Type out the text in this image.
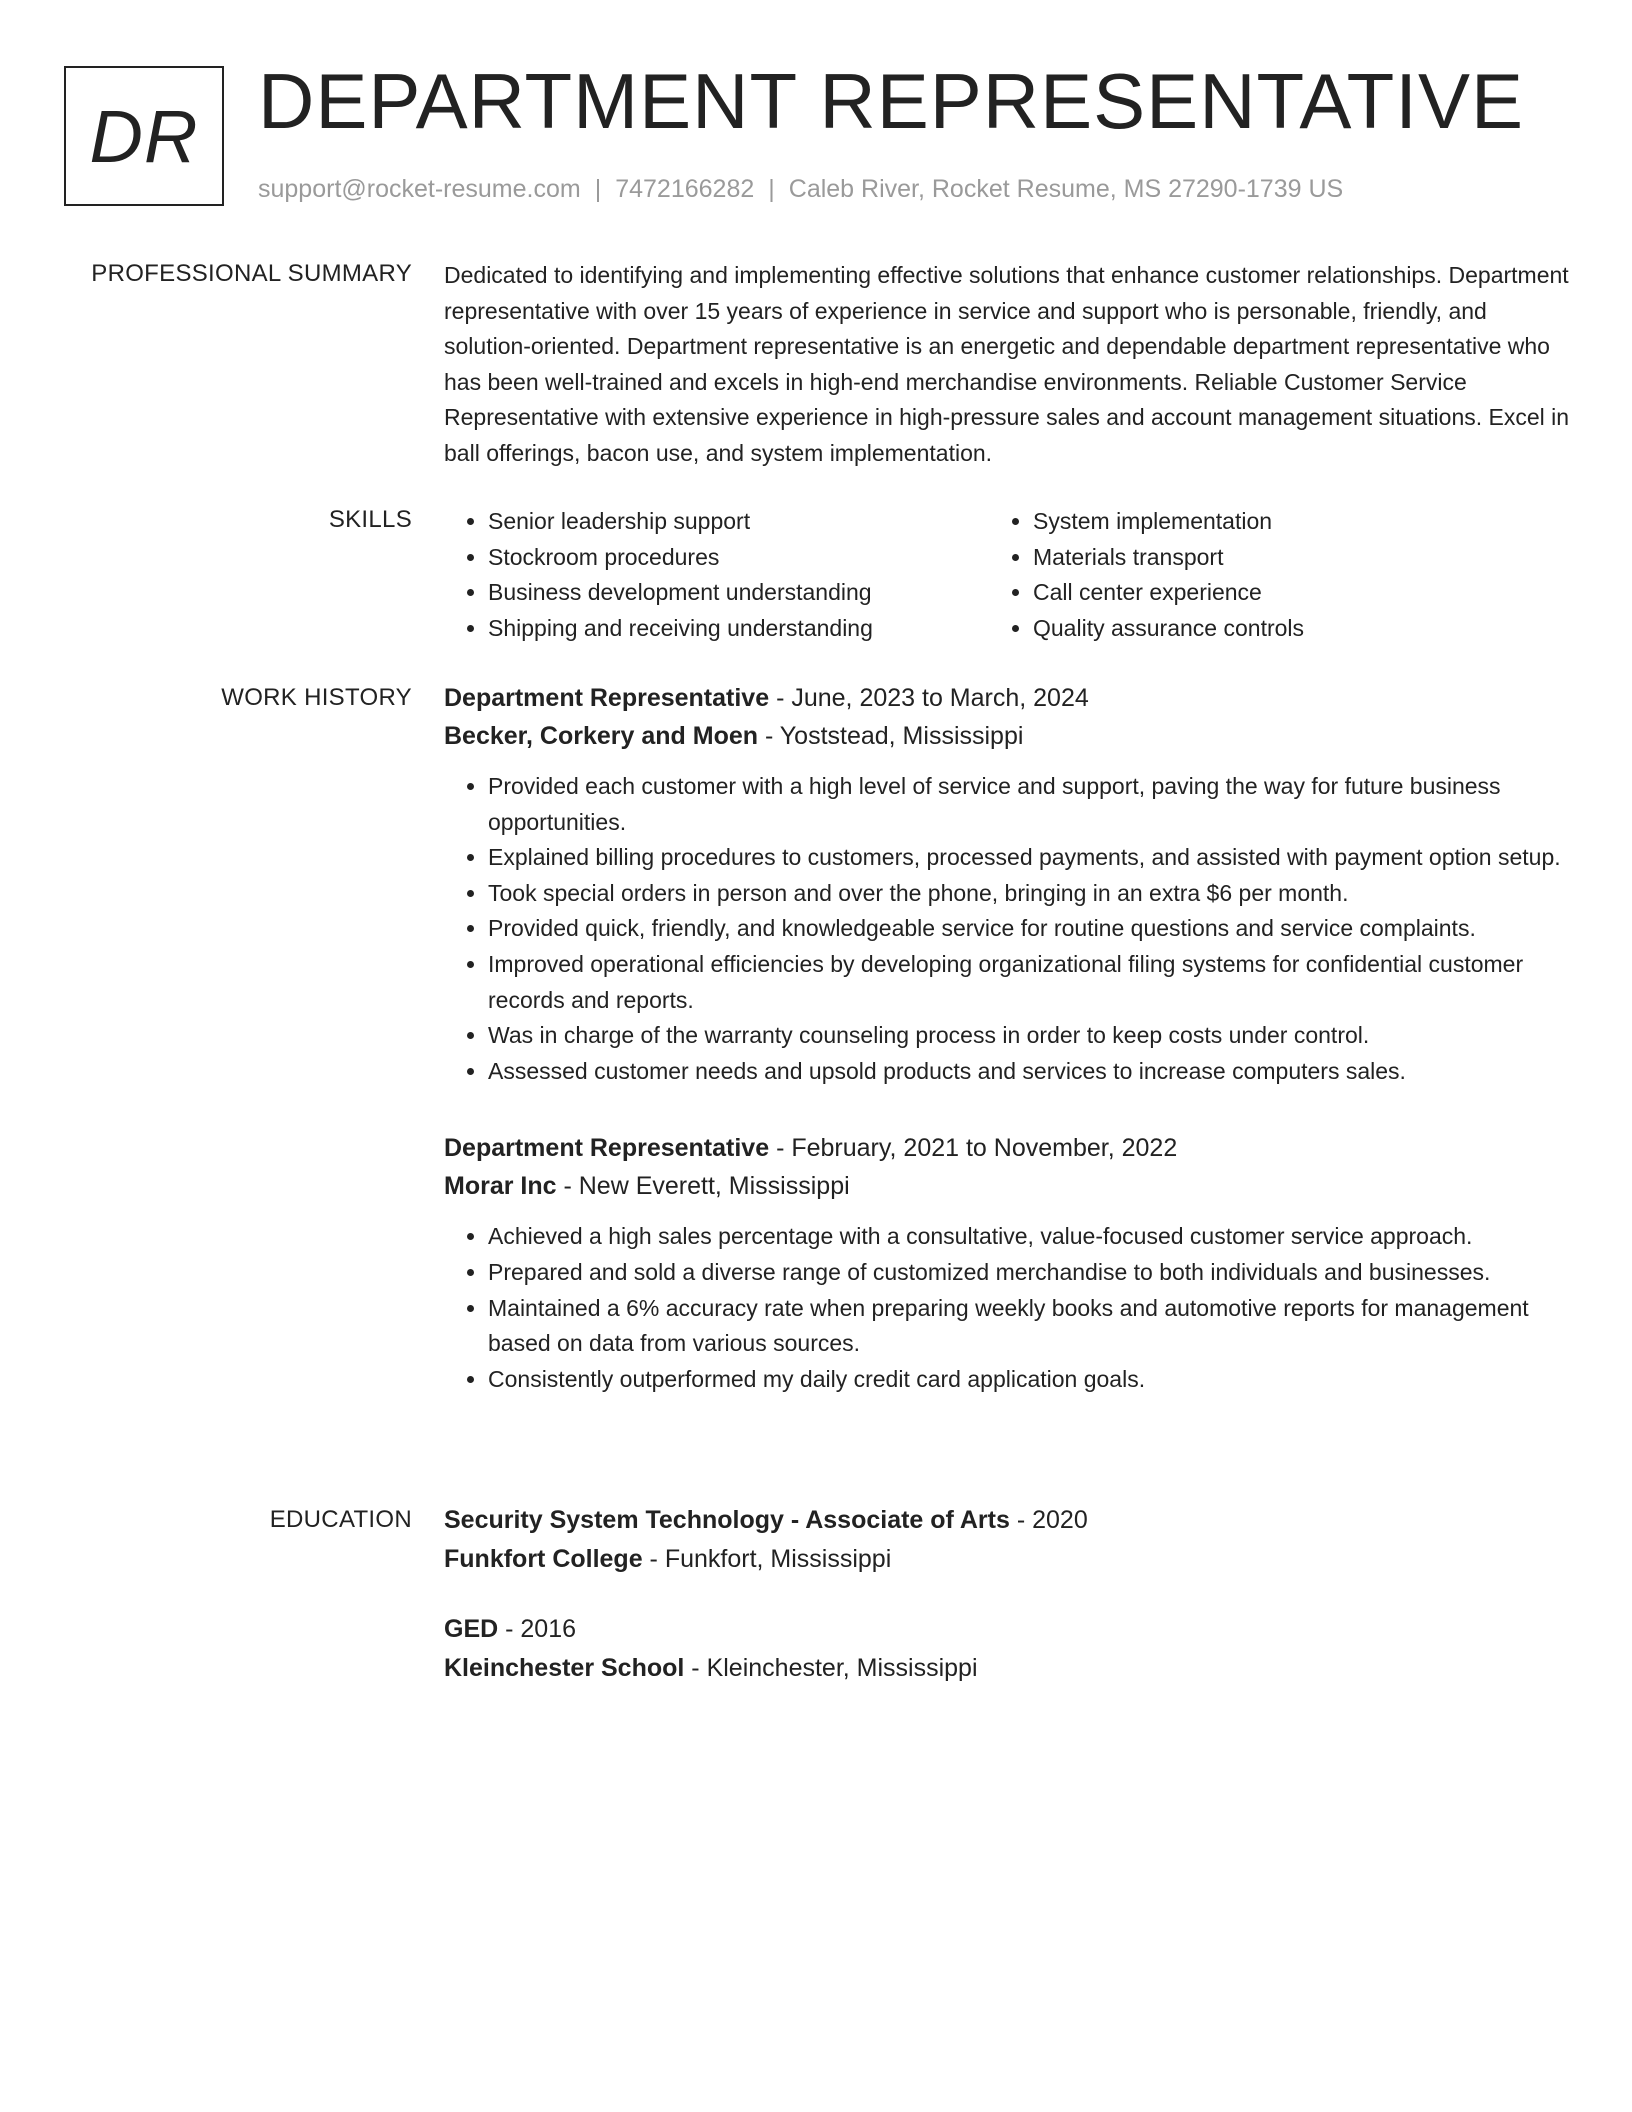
DR DEPARTMENT REPRESENTATIVE
support@rocket-resume.com | 7472166282 | Caleb River, Rocket Resume, MS 27290-1739 US
PROFESSIONAL SUMMARY Dedicated to identifying and implementing effective solutions that enhance customer relationships. Department representative with over 15 years of experience in service and support who is personable, friendly, and solution-oriented. Department representative is an energetic and dependable department representative who has been well-trained and excels in high-end merchandise environments. Reliable Customer Service Representative with extensive experience in high-pressure sales and account management situations. Excel in ball offerings, bacon use, and system implementation.

SKILLS
•	Senior leadership support
• Stockroom procedures
• Business development understanding
• Shipping and receiving understanding
• System implementation
• Materials transport
• Call center experience
• Quality assurance controls
WORK HISTORY Department Representative - June, 2023 to March, 2024
Becker, Corkery and Moen - Yoststead, Mississippi
• Provided each customer with a high level of service and support, paving the way for future business opportunities.
• Explained billing procedures to customers, processed payments, and assisted with payment option setup.
• Took special orders in person and over the phone, bringing in an extra $6 per month.
• Provided quick, friendly, and knowledgeable service for routine questions and service complaints.
• Improved operational efficiencies by developing organizational filing systems for confidential customer records and reports.
• Was in charge of the warranty counseling process in order to keep costs under control.
• Assessed customer needs and upsold products and services to increase computers sales.
Department Representative - February, 2021 to November, 2022
Morar Inc - New Everett, Mississippi
• Achieved a high sales percentage with a consultative, value-focused customer service approach.
• Prepared and sold a diverse range of customized merchandise to both individuals and businesses.
• Maintained a 6% accuracy rate when preparing weekly books and automotive reports for management based on data from various sources.
• Consistently outperformed my daily credit card application goals.
EDUCATION Security System Technology - Associate of Arts - 2020
Funkfort College - Funkfort, Mississippi
GED - 2016
Kleinchester School - Kleinchester, Mississippi
